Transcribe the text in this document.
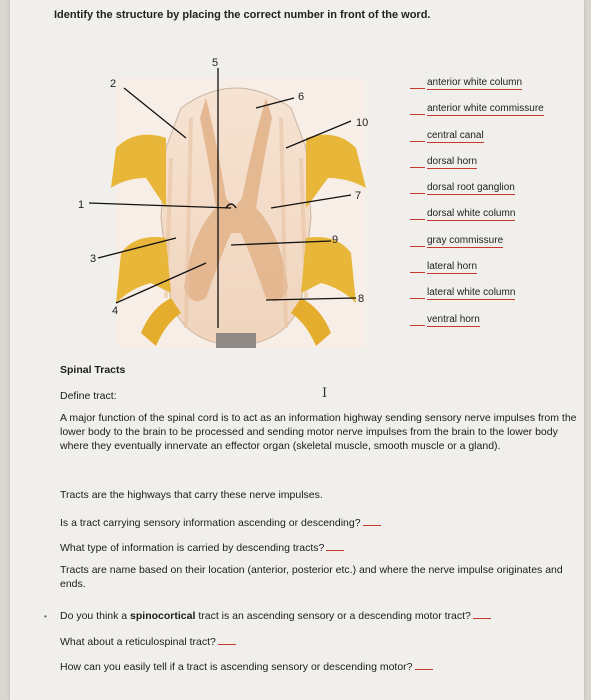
Identify the structure by placing the correct number in front of the word.
2
5
6
10
1
7
9
3
4
8
anterior white column
anterior white commissure
central canal
dorsal horn
dorsal root ganglion
dorsal white column
gray commissure
lateral horn
lateral white column
ventral horn
Spinal Tracts
Define tract:	I
A major function of the spinal cord is to act as an information highway sending sensory nerve impulses from the lower body to the brain to be processed and sending motor nerve impulses from the brain to the lower body where they eventually innervate an effector organ (skeletal muscle, smooth muscle or a gland).
Tracts are the highways that carry these nerve impulses.
Is a tract carrying sensory information ascending or descending?
What type of information is carried by descending tracts?
Tracts are name based on their location (anterior, posterior etc.) and where the nerve impulse originates and ends.
• Do you think a spinocortical tract is an ascending sensory or a descending motor tract?
What about a reticulospinal tract?
How can you easily tell if a tract is ascending sensory or descending motor?
